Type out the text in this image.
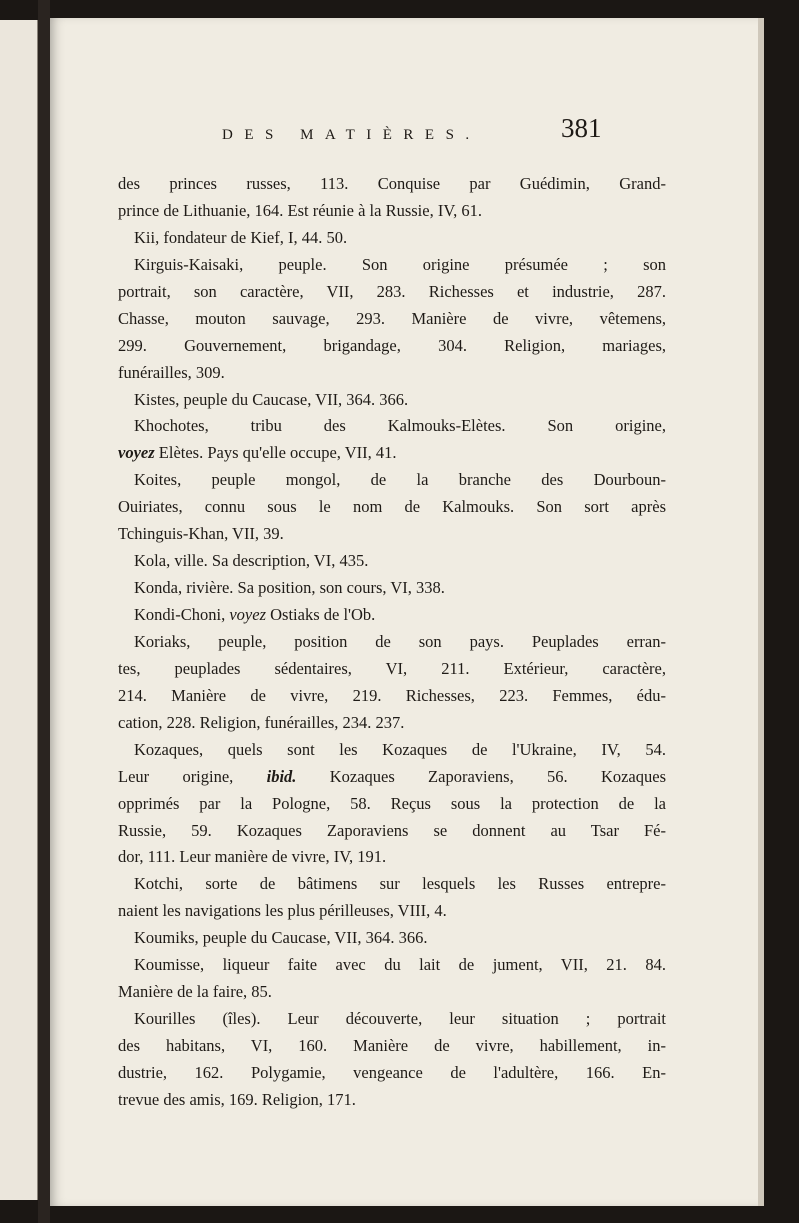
DES MATIÈRES.	381
des princes russes, 113. Conquise par Guédimin, Grand-
prince de Lithuanie, 164. Est réunie à la Russie, IV, 61.
Kii, fondateur de Kief, I, 44. 50.
Kirguis-Kaisaki, peuple. Son origine présumée ; son
portrait, son caractère, VII, 283. Richesses et industrie, 287.
Chasse, mouton sauvage, 293. Manière de vivre, vêtemens,
299. Gouvernement, brigandage, 304. Religion, mariages,
funérailles, 309.
Kistes, peuple du Caucase, VII, 364. 366.
Khochotes, tribu des Kalmouks-Elètes. Son origine,
voyez Elètes. Pays qu'elle occupe, VII, 41.
Koites, peuple mongol, de la branche des Dourboun-
Ouiriates, connu sous le nom de Kalmouks. Son sort après
Tchinguis-Khan, VII, 39.
Kola, ville. Sa description, VI, 435.
Konda, rivière. Sa position, son cours, VI, 338.
Kondi-Choni, voyez Ostiaks de l'Ob.
Koriaks, peuple, position de son pays. Peuplades erran-
tes, peuplades sédentaires, VI, 211. Extérieur, caractère,
214. Manière de vivre, 219. Richesses, 223. Femmes, édu-
cation, 228. Religion, funérailles, 234. 237.
Kozaques, quels sont les Kozaques de l'Ukraine, IV, 54.
Leur origine, ibid. Kozaques Zaporaviens, 56. Kozaques
opprimés par la Pologne, 58. Reçus sous la protection de la
Russie, 59. Kozaques Zaporaviens se donnent au Tsar Fé-
dor, 111. Leur manière de vivre, IV, 191.
Kotchi, sorte de bâtimens sur lesquels les Russes entrepre-
naient les navigations les plus périlleuses, VIII, 4.
Koumiks, peuple du Caucase, VII, 364. 366.
Koumisse, liqueur faite avec du lait de jument, VII, 21. 84.
Manière de la faire, 85.
Kourilles (îles). Leur découverte, leur situation ; portrait
des habitans, VI, 160. Manière de vivre, habillement, in-
dustrie, 162. Polygamie, vengeance de l'adultère, 166. En-
trevue des amis, 169. Religion, 171.
